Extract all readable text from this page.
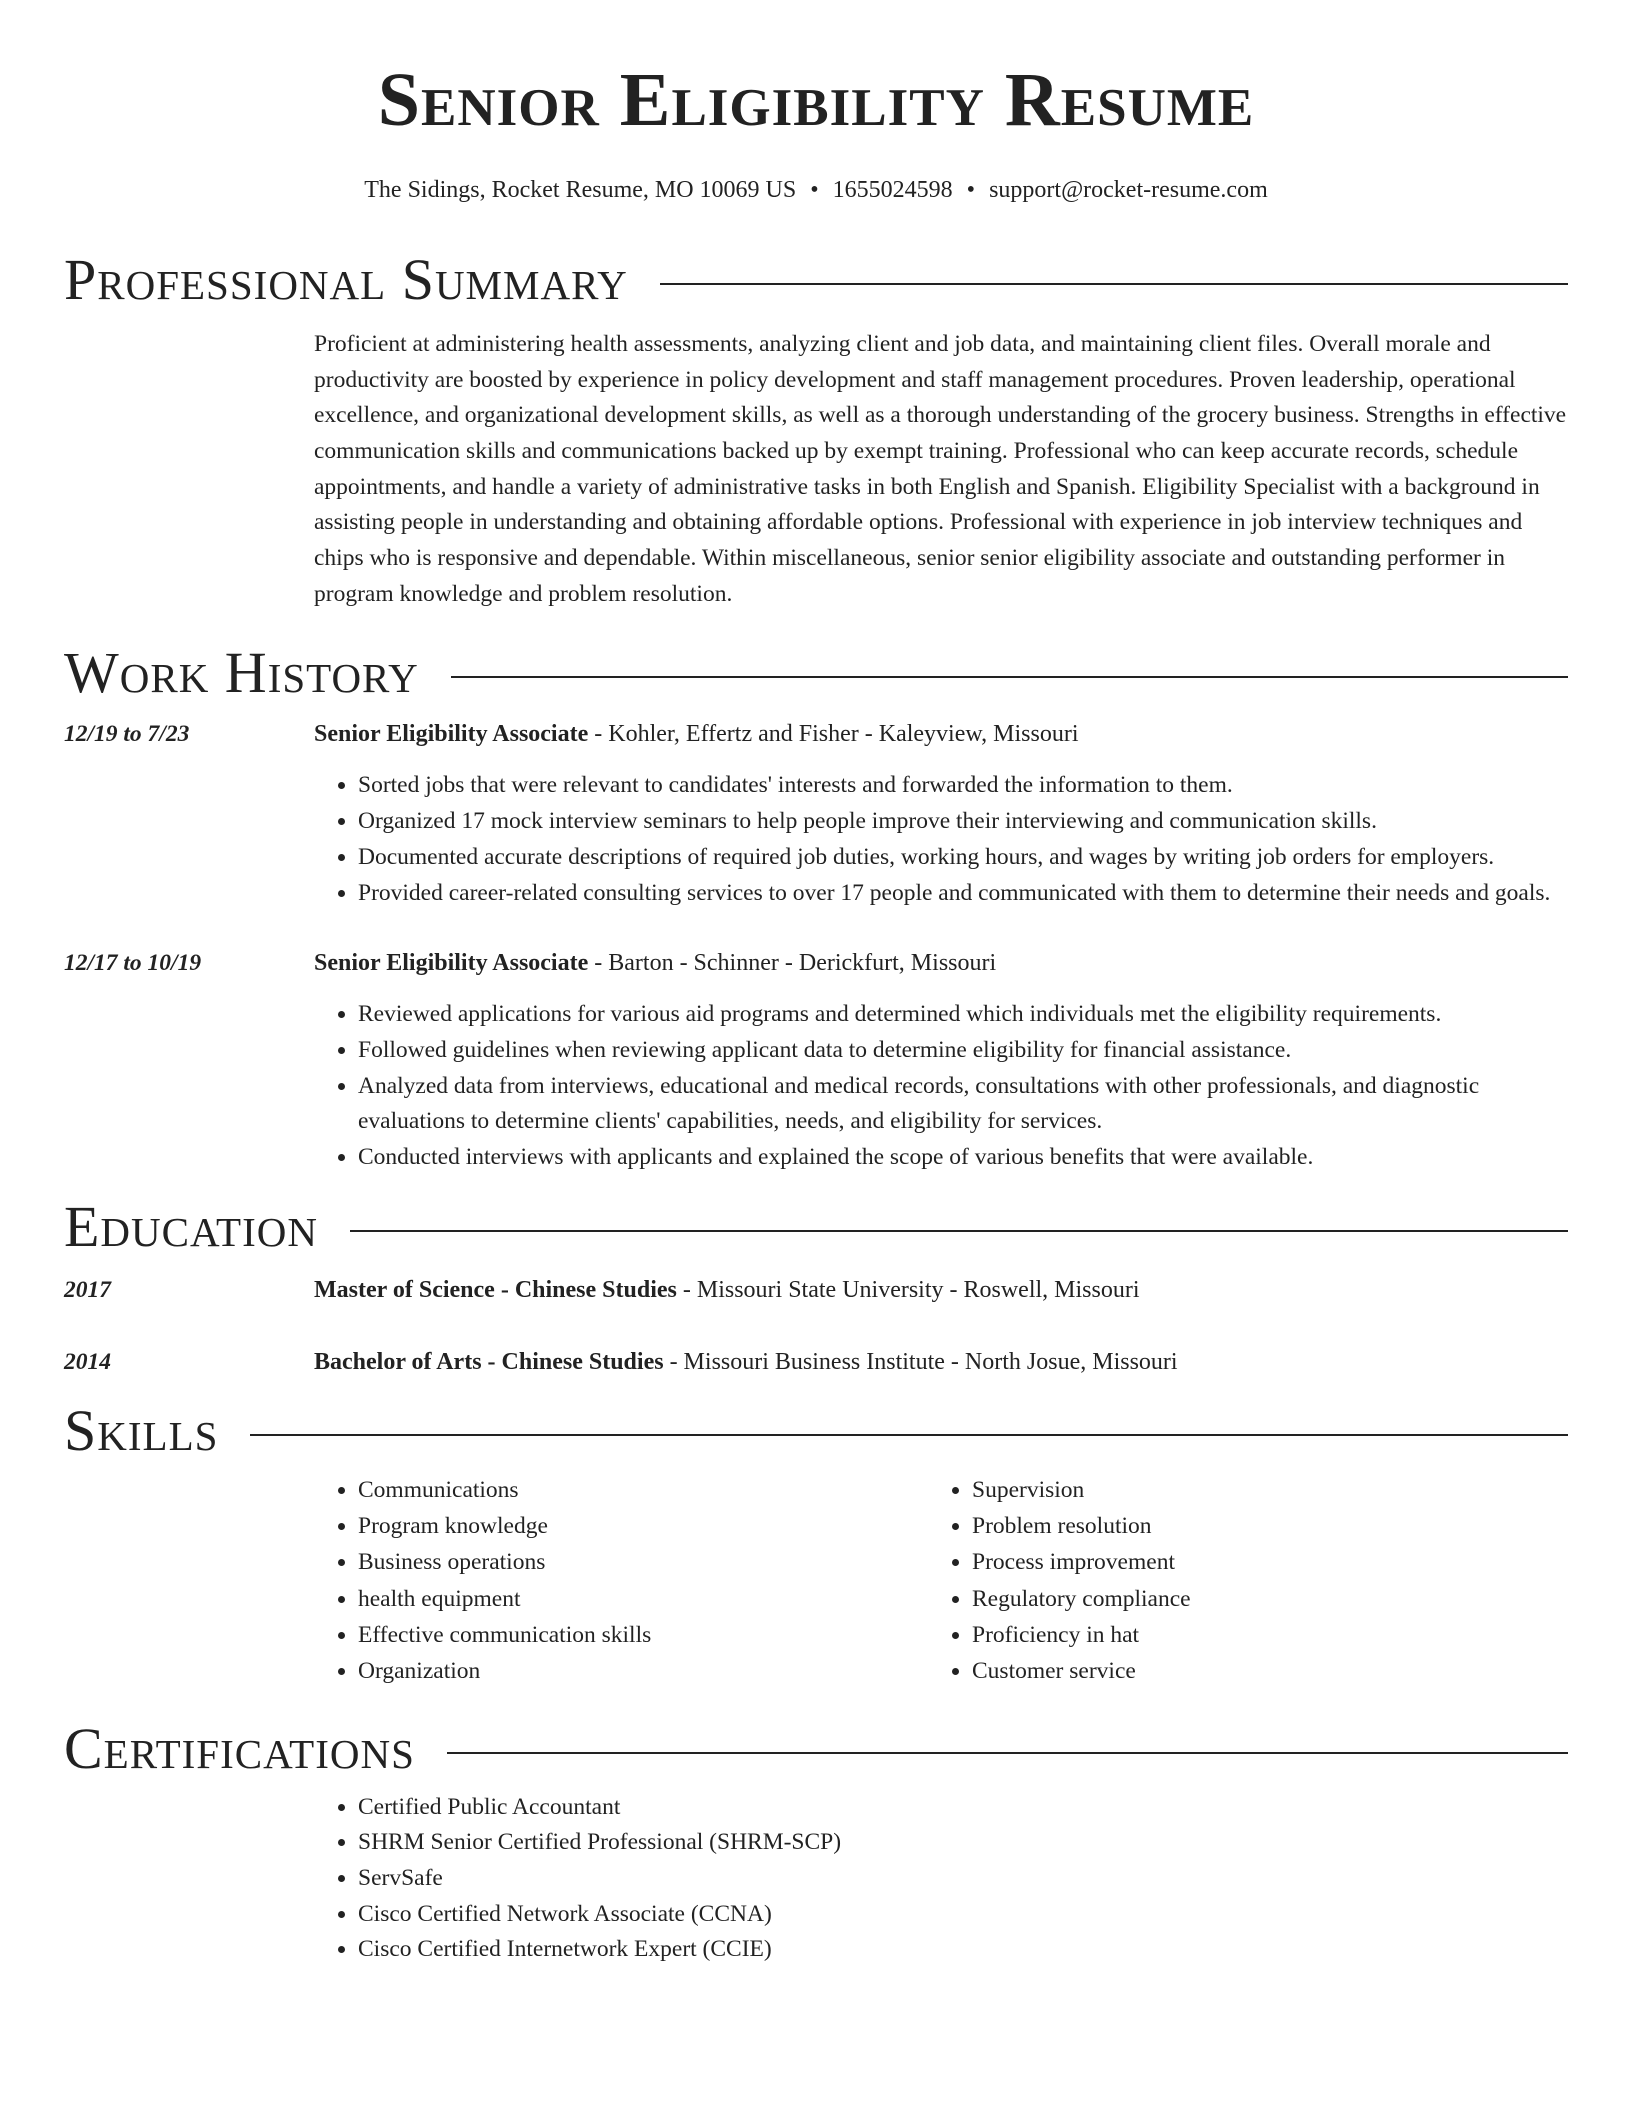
Senior Eligibility Resume
The Sidings, Rocket Resume, MO 10069 US • 1655024598 • support@rocket-resume.com
Professional Summary
Proficient at administering health assessments, analyzing client and job data, and maintaining client files. Overall morale and productivity are boosted by experience in policy development and staff management procedures. Proven leadership, operational excellence, and organizational development skills, as well as a thorough understanding of the grocery business. Strengths in effective communication skills and communications backed up by exempt training. Professional who can keep accurate records, schedule appointments, and handle a variety of administrative tasks in both English and Spanish. Eligibility Specialist with a background in assisting people in understanding and obtaining affordable options. Professional with experience in job interview techniques and chips who is responsive and dependable. Within miscellaneous, senior senior eligibility associate and outstanding performer in program knowledge and problem resolution.
Work History
12/19 to 7/23	Senior Eligibility Associate - Kohler, Effertz and Fisher - Kaleyview, Missouri
• Sorted jobs that were relevant to candidates' interests and forwarded the information to them.
• Organized 17 mock interview seminars to help people improve their interviewing and communication skills.
• Documented accurate descriptions of required job duties, working hours, and wages by writing job orders for employers.
• Provided career-related consulting services to over 17 people and communicated with them to determine their needs and goals.
12/17 to 10/19	Senior Eligibility Associate - Barton - Schinner - Derickfurt, Missouri
• Reviewed applications for various aid programs and determined which individuals met the eligibility requirements.
• Followed guidelines when reviewing applicant data to determine eligibility for financial assistance.
• Analyzed data from interviews, educational and medical records, consultations with other professionals, and diagnostic evaluations to determine clients' capabilities, needs, and eligibility for services.
• Conducted interviews with applicants and explained the scope of various benefits that were available.
Education
2017	Master of Science - Chinese Studies - Missouri State University - Roswell, Missouri
2014	Bachelor of Arts - Chinese Studies - Missouri Business Institute - North Josue, Missouri
Skills
• Communications
• Program knowledge
• Business operations
• health equipment
• Effective communication skills
• Organization
• Supervision
• Problem resolution
• Process improvement
• Regulatory compliance
• Proficiency in hat
• Customer service
Certifications
• Certified Public Accountant
• SHRM Senior Certified Professional (SHRM-SCP)
• ServSafe
• Cisco Certified Network Associate (CCNA)
• Cisco Certified Internetwork Expert (CCIE)
